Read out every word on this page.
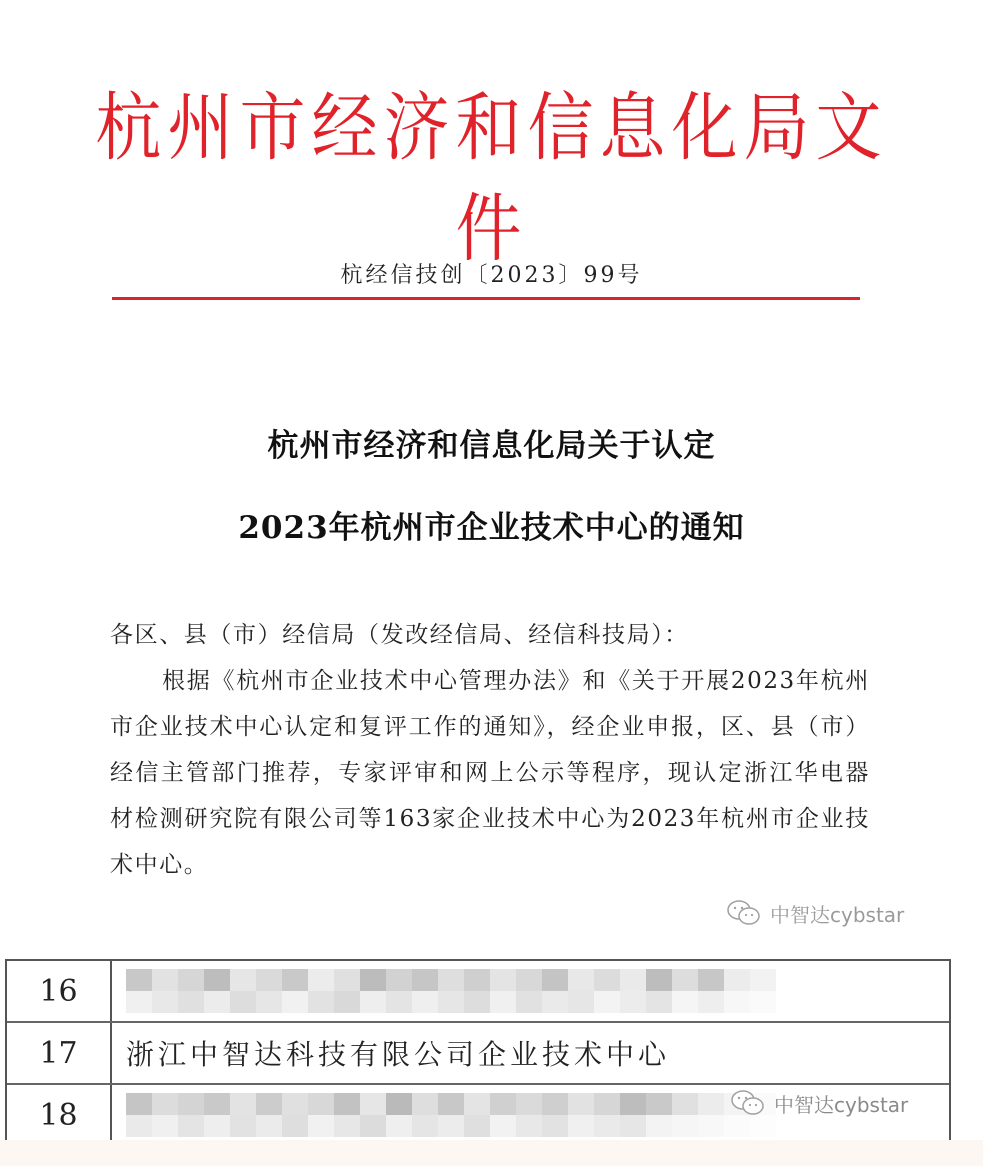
杭州市经济和信息化局文件
杭经信技创〔2023〕99号
杭州市经济和信息化局关于认定
2023年杭州市企业技术中心的通知
各区、县（市）经信局（发改经信局、经信科技局）：
根据《杭州市企业技术中心管理办法》和《关于开展2023年杭州市企业技术中心认定和复评工作的通知》，经企业申报，区、县（市）经信主管部门推荐，专家评审和网上公示等程序，现认定浙江华电器材检测研究院有限公司等163家企业技术中心为2023年杭州市企业技术中心。
中智达cybstar
16
17	浙江中智达科技有限公司企业技术中心
18	中智达cybstar
